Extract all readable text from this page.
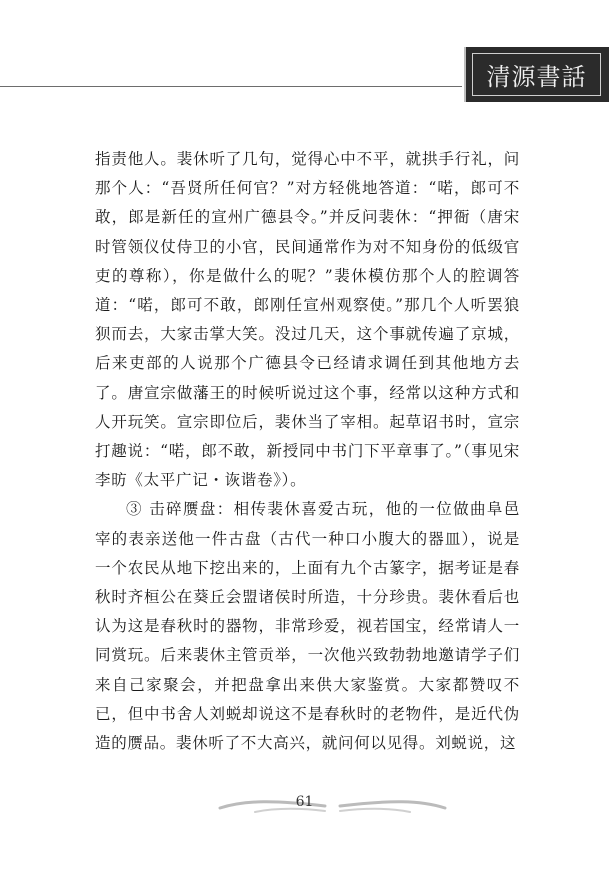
清源書話

指责他人。裴休听了几句，觉得心中不平，就拱手行礼，问那个人：“吾贤所任何官？”对方轻佻地答道：“喏，郎可不敢，郎是新任的宣州广德县令。”并反问裴休：“押衙（唐宋时管领仪仗侍卫的小官，民间通常作为对不知身份的低级官吏的尊称），你是做什么的呢？”裴休模仿那个人的腔调答道：“喏，郎可不敢，郎刚任宣州观察使。”那几个人听罢狼狈而去，大家击掌大笑。没过几天，这个事就传遍了京城，后来吏部的人说那个广德县令已经请求调任到其他地方去了。唐宣宗做藩王的时候听说过这个事，经常以这种方式和人开玩笑。宣宗即位后，裴休当了宰相。起草诏书时，宣宗打趣说：“喏，郎不敢，新授同中书门下平章事了。”（事见宋李昉《太平广记・诙谐卷》）。

③ 击碎赝盘：相传裴休喜爱古玩，他的一位做曲阜邑宰的表亲送他一件古盘（古代一种口小腹大的器皿），说是一个农民从地下挖出来的，上面有九个古篆字，据考证是春秋时齐桓公在葵丘会盟诸侯时所造，十分珍贵。裴休看后也认为这是春秋时的器物，非常珍爱，视若国宝，经常请人一同赏玩。后来裴休主管贡举，一次他兴致勃勃地邀请学子们来自己家聚会，并把盘拿出来供大家鉴赏。大家都赞叹不已，但中书舍人刘蜕却说这不是春秋时的老物件，是近代伪造的赝品。裴休听了不大高兴，就问何以见得。刘蜕说，这

61
